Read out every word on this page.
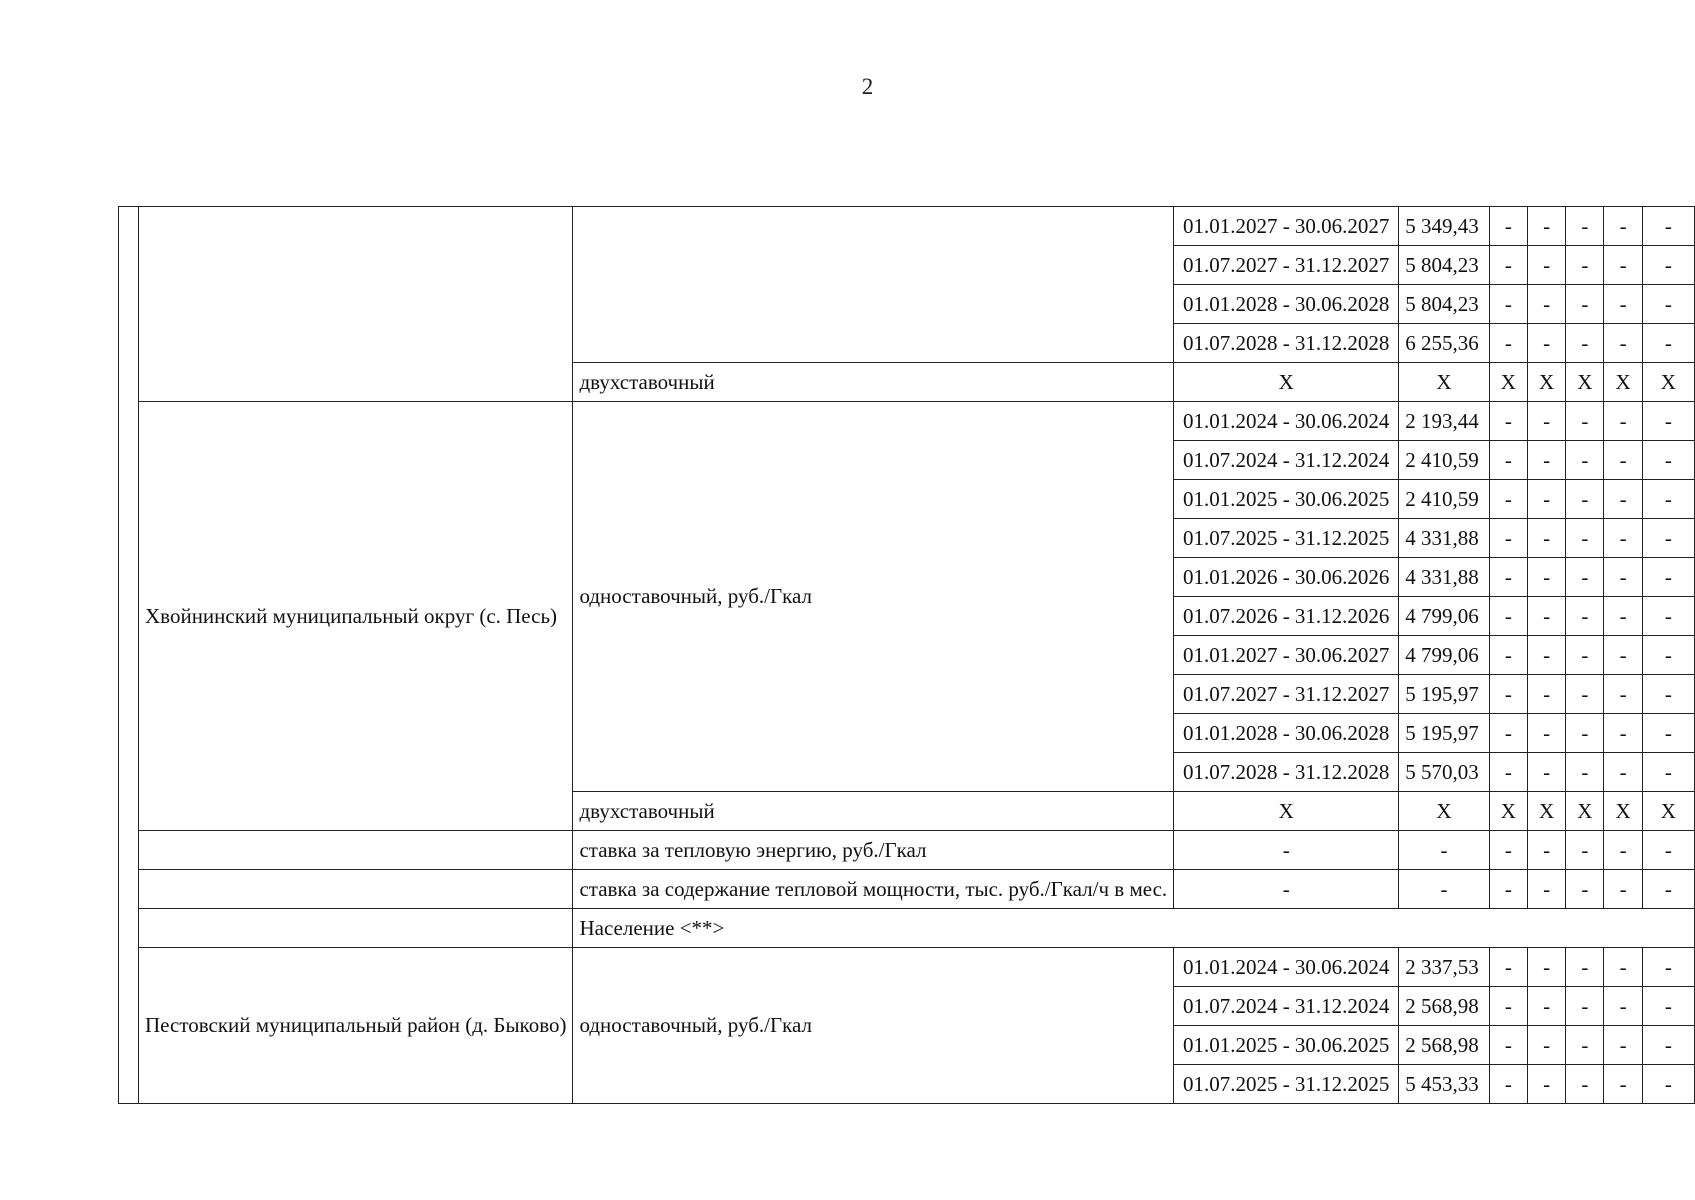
2
			01.01.2027 - 30.06.2027	5 349,43	-	-	-	-	-
			01.07.2027 - 31.12.2027	5 804,23	-	-	-	-	-
			01.01.2028 - 30.06.2028	5 804,23	-	-	-	-	-
			01.07.2028 - 31.12.2028	6 255,36	-	-	-	-	-
		двухставочный	X	X	X	X	X	X	X
	Хвойнинский муниципальный округ (с. Песь)	одноставочный, руб./Гкал	01.01.2024 - 30.06.2024	2 193,44	-	-	-	-	-
			01.07.2024 - 31.12.2024	2 410,59	-	-	-	-	-
			01.01.2025 - 30.06.2025	2 410,59	-	-	-	-	-
			01.07.2025 - 31.12.2025	4 331,88	-	-	-	-	-
			01.01.2026 - 30.06.2026	4 331,88	-	-	-	-	-
			01.07.2026 - 31.12.2026	4 799,06	-	-	-	-	-
			01.01.2027 - 30.06.2027	4 799,06	-	-	-	-	-
			01.07.2027 - 31.12.2027	5 195,97	-	-	-	-	-
			01.01.2028 - 30.06.2028	5 195,97	-	-	-	-	-
			01.07.2028 - 31.12.2028	5 570,03	-	-	-	-	-
		двухставочный	X	X	X	X	X	X	X
		ставка за тепловую энергию, руб./Гкал	-	-	-	-	-	-	-
		ставка за содержание тепловой мощности, тыс. руб./Гкал/ч в мес.	-	-	-	-	-	-	-
		Население <**>							
	Пестовский муниципальный район (д. Быково)	одноставочный, руб./Гкал	01.01.2024 - 30.06.2024	2 337,53	-	-	-	-	-
			01.07.2024 - 31.12.2024	2 568,98	-	-	-	-	-
			01.01.2025 - 30.06.2025	2 568,98	-	-	-	-	-
			01.07.2025 - 31.12.2025	5 453,33	-	-	-	-	-
